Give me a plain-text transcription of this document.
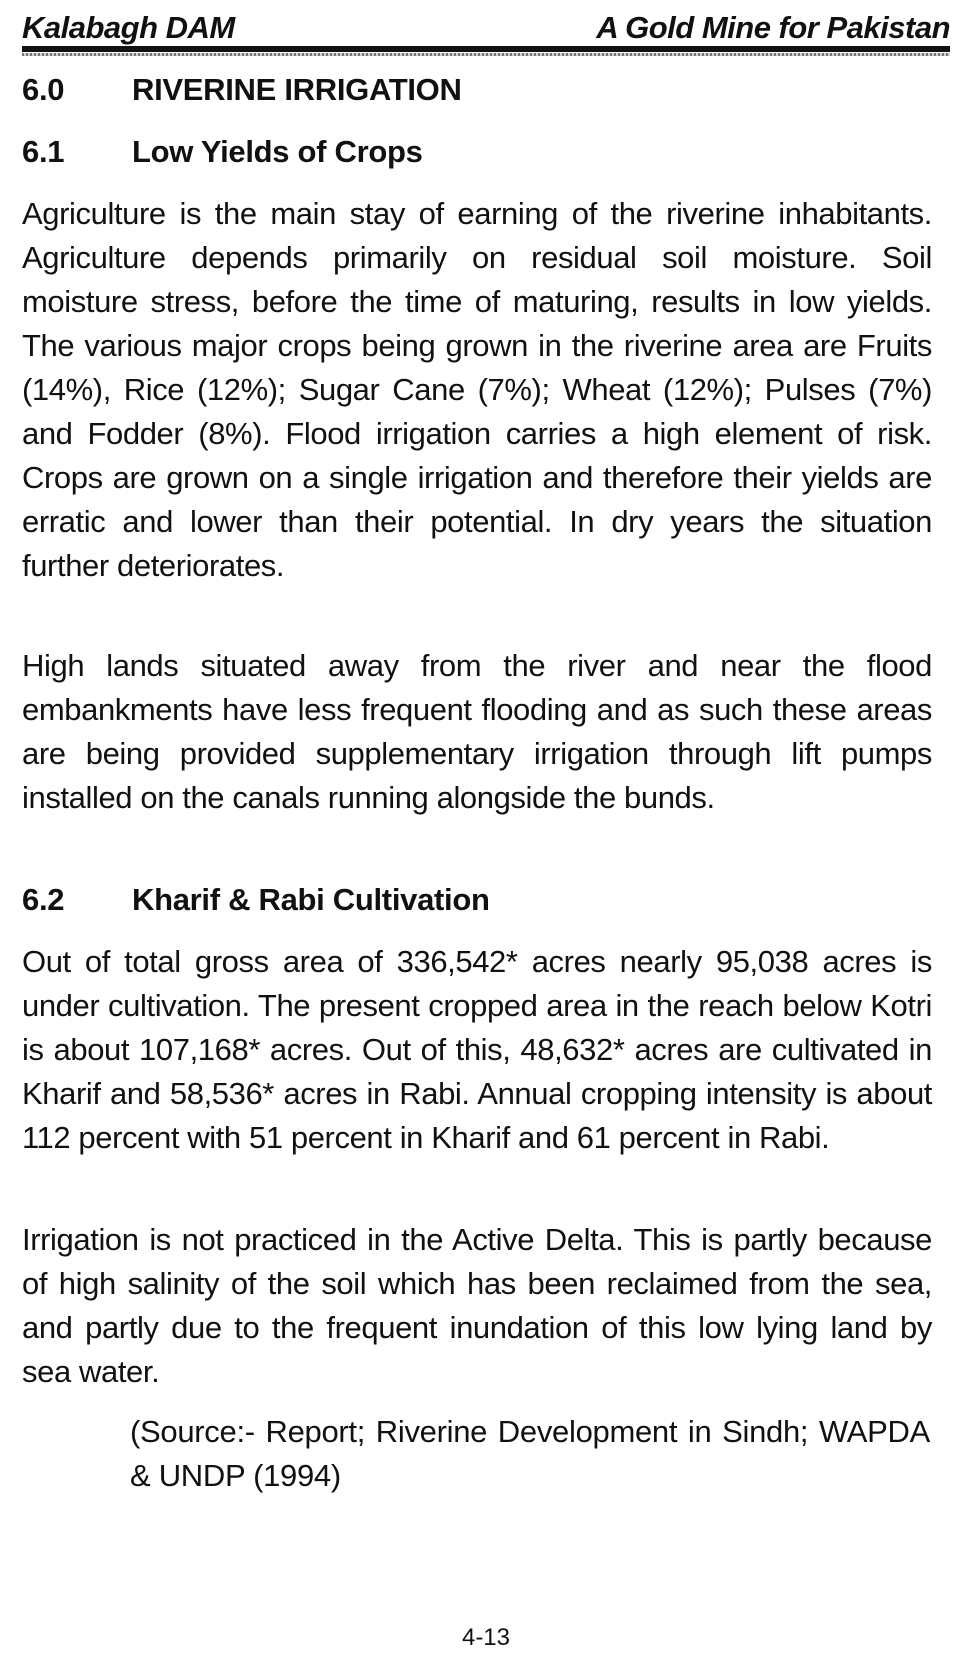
Kalabagh DAM	A Gold Mine for Pakistan
6.0	RIVERINE IRRIGATION
6.1	Low Yields of Crops

Agriculture is the main stay of earning of the riverine inhabitants. Agriculture depends primarily on residual soil moisture. Soil moisture stress, before the time of maturing, results in low yields. The various major crops being grown in the riverine area are Fruits (14%), Rice (12%); Sugar Cane (7%); Wheat (12%); Pulses (7%) and Fodder (8%). Flood irrigation carries a high element of risk. Crops are grown on a single irrigation and therefore their yields are erratic and lower than their potential. In dry years the situation further deteriorates.

High lands situated away from the river and near the flood embankments have less frequent flooding and as such these areas are being provided supplementary irrigation through lift pumps installed on the canals running alongside the bunds.

6.2	Kharif & Rabi Cultivation

Out of total gross area of 336,542* acres nearly 95,038 acres is under cultivation. The present cropped area in the reach below Kotri is about 107,168* acres. Out of this, 48,632* acres are cultivated in Kharif and 58,536* acres in Rabi. Annual cropping intensity is about 112 percent with 51 percent in Kharif and 61 percent in Rabi.

Irrigation is not practiced in the Active Delta. This is partly because of high salinity of the soil which has been reclaimed from the sea, and partly due to the frequent inundation of this low lying land by sea water.

(Source:- Report; Riverine Development in Sindh; WAPDA & UNDP (1994)

4-13
